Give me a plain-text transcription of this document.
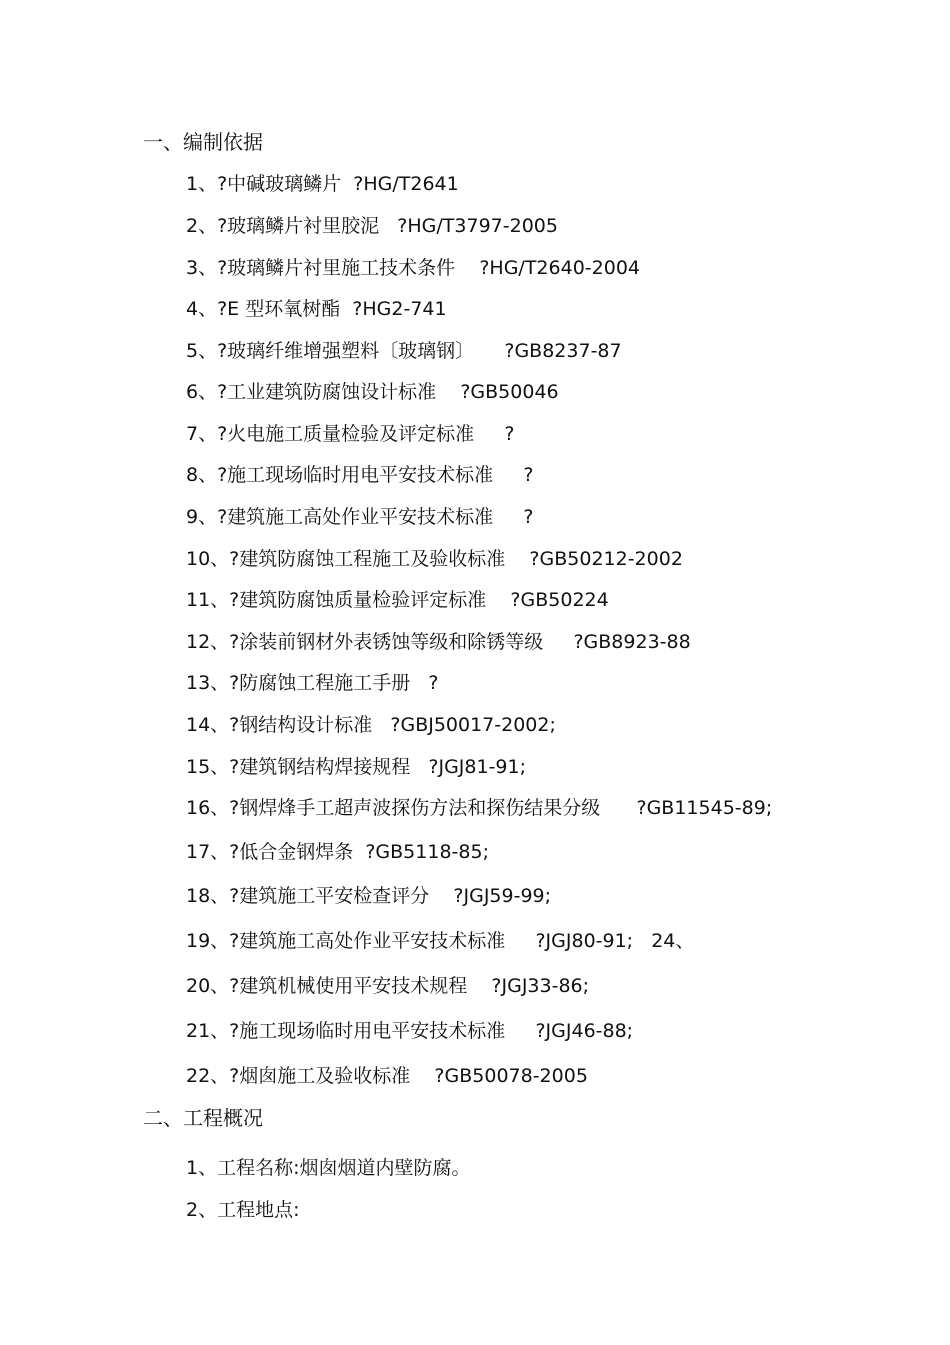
一、编制依据
1、?中碱玻璃鳞片  ?HG/T2641
2、?玻璃鳞片衬里胶泥   ?HG/T3797-2005
3、?玻璃鳞片衬里施工技术条件    ?HG/T2640-2004
4、?E 型环氧树酯  ?HG2-741
5、?玻璃纤维增强塑料〔玻璃钢〕     ?GB8237-87
6、?工业建筑防腐蚀设计标准    ?GB50046
7、?火电施工质量检验及评定标准     ?
8、?施工现场临时用电平安技术标准     ?
9、?建筑施工高处作业平安技术标准     ?
10、?建筑防腐蚀工程施工及验收标准    ?GB50212-2002
11、?建筑防腐蚀质量检验评定标准    ?GB50224
12、?涂装前钢材外表锈蚀等级和除锈等级     ?GB8923-88
13、?防腐蚀工程施工手册   ?
14、?钢结构设计标准   ?GBJ50017-2002;
15、?建筑钢结构焊接规程   ?JGJ81-91;
16、?钢焊烽手工超声波探伤方法和探伤结果分级      ?GB11545-89;
17、?低合金钢焊条  ?GB5118-85;
18、?建筑施工平安检查评分    ?JGJ59-99;
19、?建筑施工高处作业平安技术标准     ?JGJ80-91;   24、
20、?建筑机械使用平安技术规程    ?JGJ33-86;
21、?施工现场临时用电平安技术标准     ?JGJ46-88;
22、?烟囱施工及验收标准    ?GB50078-2005
二、工程概况
1、工程名称:烟囱烟道内壁防腐。
2、工程地点:
